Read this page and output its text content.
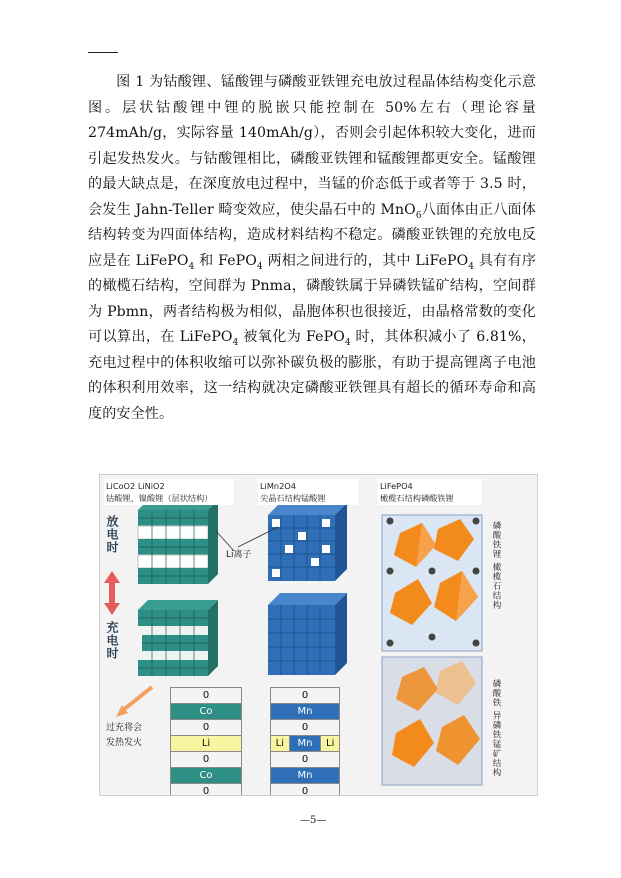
图 1 为钴酸锂、锰酸锂与磷酸亚铁锂充电放过程晶体结构变化示意图。层状钴酸锂中锂的脱嵌只能控制在 50%左右（理论容量 274mAh/g，实际容量 140mAh/g），否则会引起体积较大变化，进而引起发热发火。与钴酸锂相比，磷酸亚铁锂和锰酸锂都更安全。锰酸锂的最大缺点是，在深度放电过程中，当锰的价态低于或者等于 3.5 时，会发生 Jahn-Teller 畸变效应，使尖晶石中的 MnO$_6$八面体由正八面体结构转变为四面体结构，造成材料结构不稳定。磷酸亚铁锂的充放电反应是在 LiFePO$_4$ 和 FePO$_4$ 两相之间进行的，其中 LiFePO$_4$ 具有有序的橄榄石结构，空间群为 Pnma，磷酸铁属于异磷铁锰矿结构，空间群为 Pbmn，两者结构极为相似，晶胞体积也很接近，由晶格常数的变化可以算出，在 LiFePO$_4$ 被氧化为 FePO$_4$ 时，其体积减小了 6.81%，充电过程中的体积收缩可以弥补碳负极的膨胀，有助于提高锂离子电池的体积利用效率，这一结构就决定磷酸亚铁锂具有超长的循环寿命和高度的安全性。

LiCoO2 LiNiO2
钴酸锂、镍酸锂（层状结构）
LiMn2O4
尖晶石结构锰酸锂
LiFePO4
橄榄石结构磷酸铁锂
放电时
充电时
Li离子	磷酸铁锂 橄榄石结构
磷酸铁 异磷铁锰矿结构
过充将会
发热发火
0
Co
0
Li
0
Co
0
0
Mn
0
Li	Mn	Li
0
Mn
0
—5—
